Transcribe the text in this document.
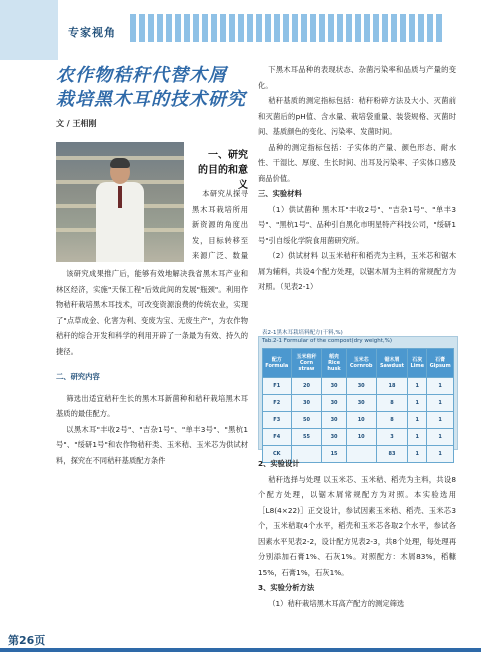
专家视角
农作物秸秆代替木屑
栽培黑木耳的技术研究
文 / 王相刚
一、研究
的目的和意义

本研究从探寻黑木耳栽培所用新资源的角度出发，目标转移至来源广泛、数量

该研究成果推广后，能够有效地解决我省黑木耳产业和林区经济，实施"天保工程"后效此间的发展"瓶颈"。利用作物秸秆栽培黑木耳技术，可改变资源浪费的传统农业，实现了"点草成金、化害为利、变废为宝、无废生产"，为农作物秸秆的综合开发和科学的利用开辟了一条最为有效、持久的捷径。

二、研究内容

筛选出适宜秸秆生长的黑木耳新菌种和秸秆栽培黑木耳基质的最佳配方。

以黑木耳"丰收2号"、"吉杂1号"、"单丰3号"、"黑杭1号"、"绥研1号"和农作物秸秆类、玉米秸、玉米芯为供试材料，探究在不同秸秆基质配方条件

下黑木耳品种的表现状态、杂菌污染率和品质与产量的变化。

秸秆基质的测定指标包括：秸秆粉碎方法及大小、灭菌前和灭菌后的pH值、含水量、栽培袋重量、装袋规格、灭菌时间、基质颜色的变化、污染率、发菌时间。

品种的测定指标包括：子实体的产量、颜色形态、耐水性、干湿比、厚度、生长时间、出耳及污染率、子实体口感及商品价值。

三、实验材料

（1）供试菌种 黑木耳"丰收2号"、"吉杂1号"、"单丰3号"、"黑杭1号"、品种引自黑化市明星特产科技公司，"绥研1号"引自绥化学院食用菌研究所。

（2）供试材料 以玉米秸秆和稻壳为主料，玉米芯和锯木屑为辅料，共设4个配方处理，以锯木屑为主料的常规配方为对照。（见表2-1）

表2-1黑木耳栽培料配方(干料,%)
Tab.2-1 Formular of the compost(dry weight,%)
配方 Formula	玉米秸秆 Corn straw	稻壳 Rice husk	玉米芯 Cornrob	锯木屑 Sawdust	石灰 Lime	石膏 Gipsum
F1	20	30	30	18	1	1
F2	30	30	30	8	1	1
F3	50	30	10	8	1	1
F4	55	30	10	3	1	1
CK		15		83	1	1
2、实验设计

秸秆选择与处理 以玉米芯、玉米秸、稻壳为主料，共设8个配方处理，以锯木屑常规配方为对照。本实验选用［L8(4×22)］正交设计，参试因素玉米秸、稻壳、玉米芯3个，玉米秸取4个水平，稻壳和玉米芯各取2个水平，参试各因素水平见表2-2，设计配方见表2-3，共8个处理，每处理再分别添加石膏1%、石灰1%。对照配方：木屑83%，稻糠15%，石膏1%，石灰1%。

3、实验分析方法

（1）秸秆栽培黑木耳高产配方的测定筛选

第26页
